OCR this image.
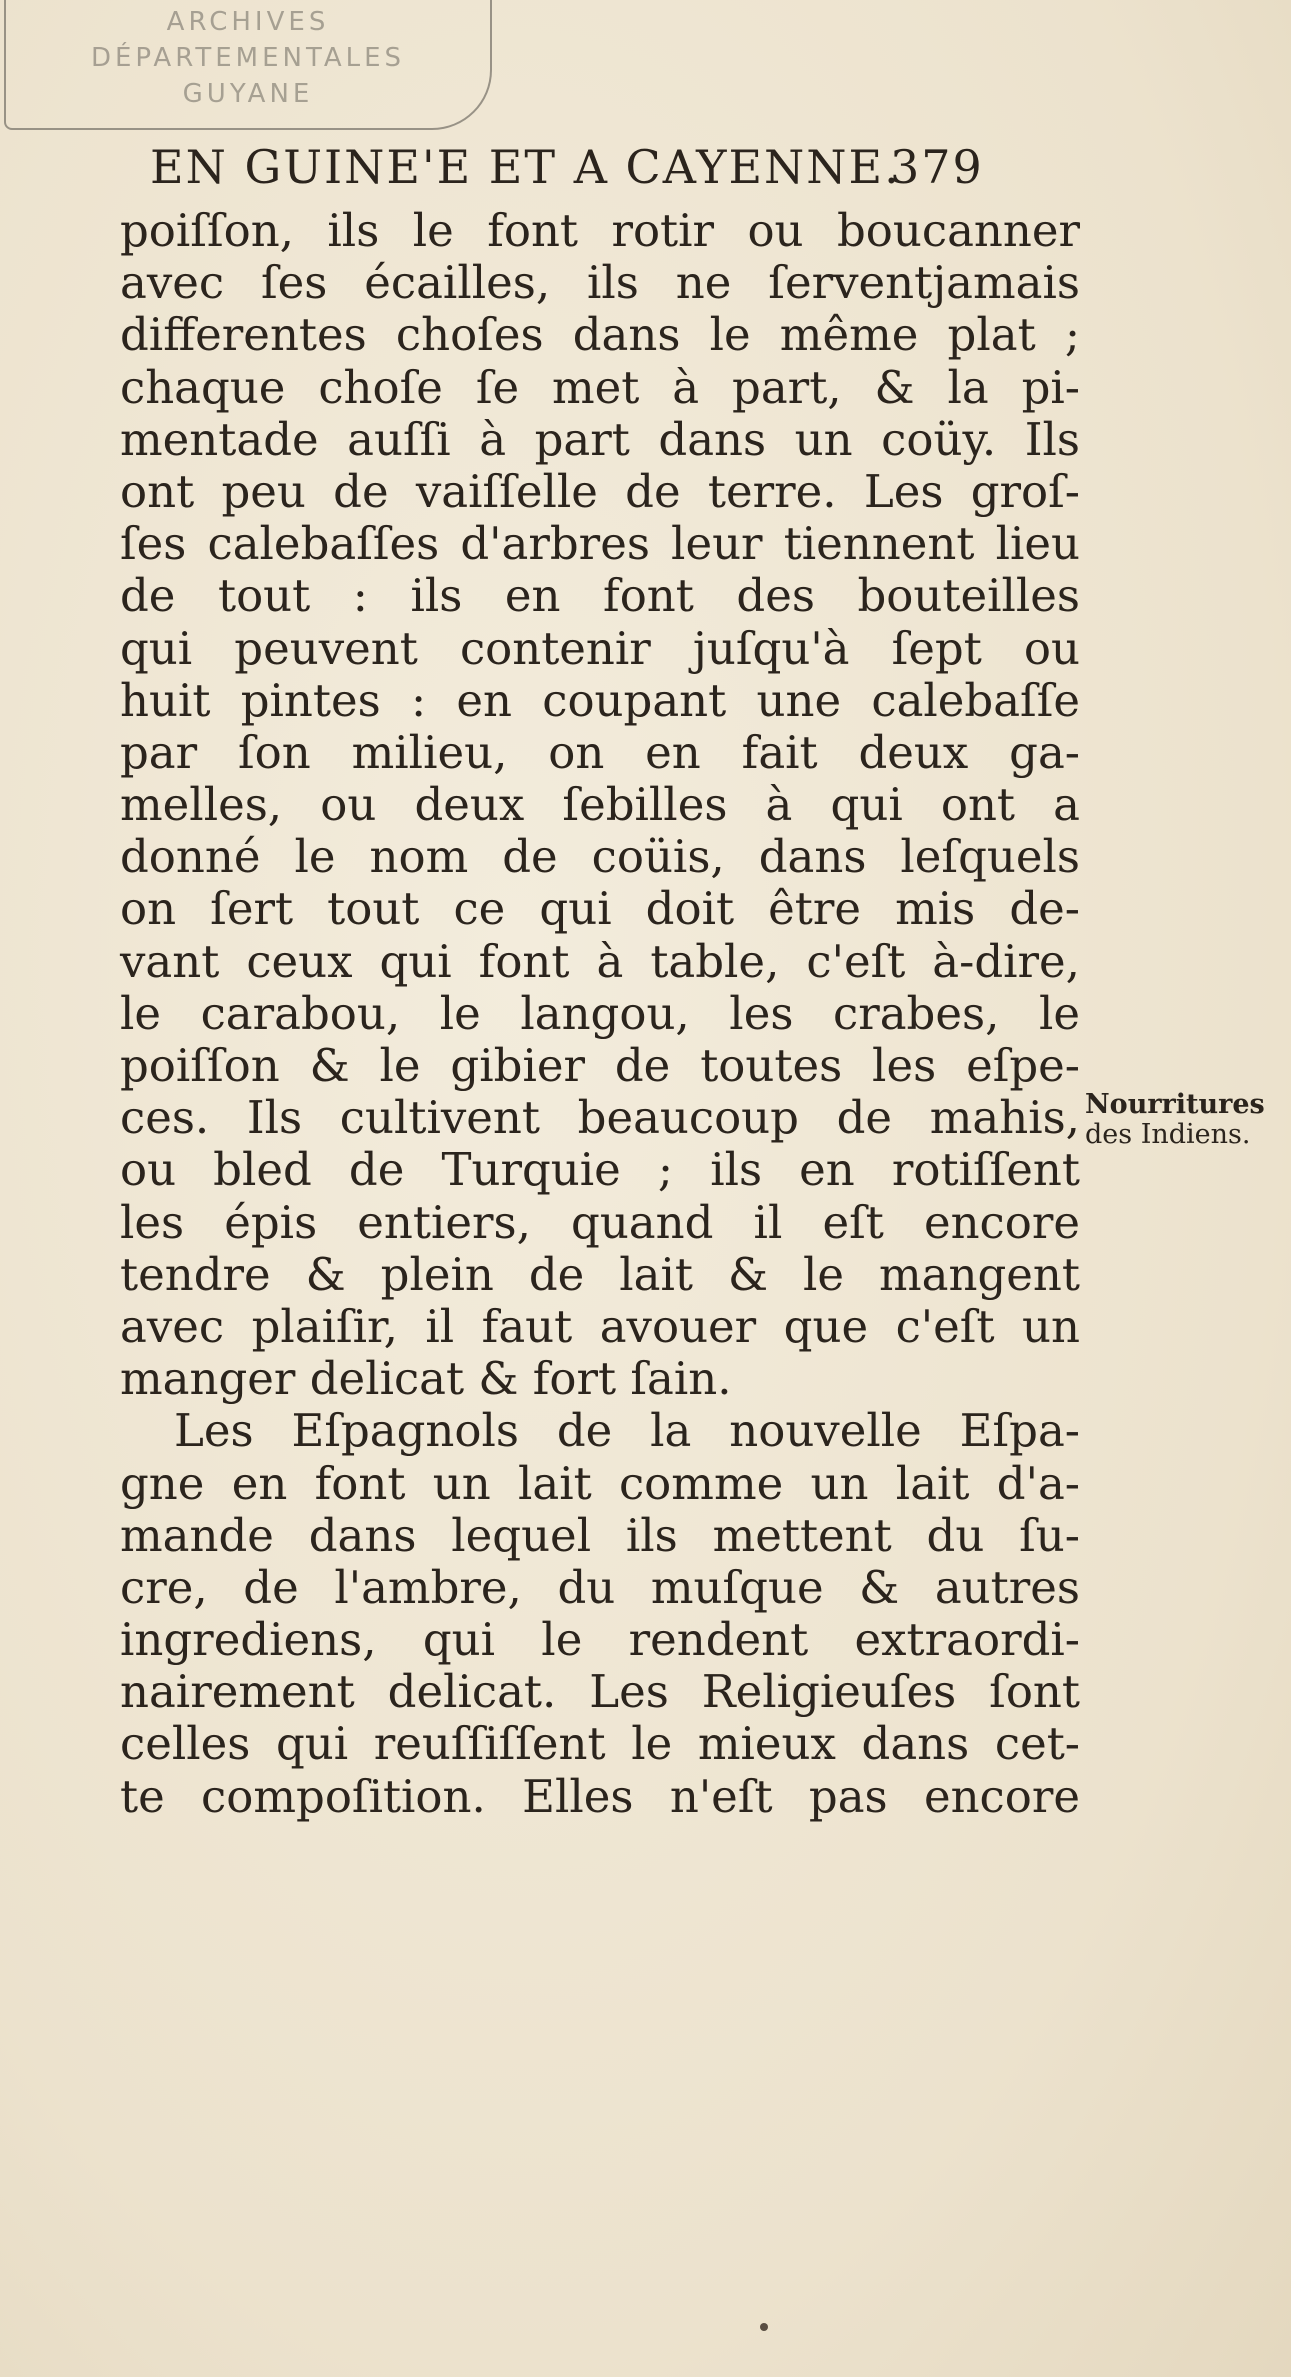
ARCHIVES
DÉPARTEMENTALES
GUYANE
EN GUINE'E ET A CAYENNE.
379
poiſſon, ils le font rotir ou boucanner
avec ſes écailles, ils ne ſerventjamais
differentes choſes dans le même plat ;
chaque choſe ſe met à part, & la pi-
mentade auſſi à part dans un coüy. Ils
ont peu de vaiſſelle de terre. Les groſ-
ſes calebaſſes d'arbres leur tiennent lieu
de tout : ils en font des bouteilles
qui peuvent contenir juſqu'à ſept ou
huit pintes : en coupant une calebaſſe
par ſon milieu, on en fait deux ga-
melles, ou deux ſebilles à qui ont a
donné le nom de coüis, dans leſquels
on ſert tout ce qui doit être mis de-
vant ceux qui font à table, c'eſt à-dire,
le carabou, le langou, les crabes, le
poiſſon & le gibier de toutes les eſpe-
ces. Ils cultivent beaucoup de mahis,
ou bled de Turquie ; ils en rotiſſent
les épis entiers, quand il eſt encore
tendre & plein de lait & le mangent
avec plaiſir, il faut avouer que c'eſt un
manger delicat & fort ſain.
Les Eſpagnols de la nouvelle Eſpa-
gne en font un lait comme un lait d'a-
mande dans lequel ils mettent du ſu-
cre, de l'ambre, du muſque & autres
ingrediens, qui le rendent extraordi-
nairement delicat. Les Religieuſes ſont
celles qui reuſſiſſent le mieux dans cet-
te compoſition. Elles n'eſt pas encore
Nourritures
des Indiens.
